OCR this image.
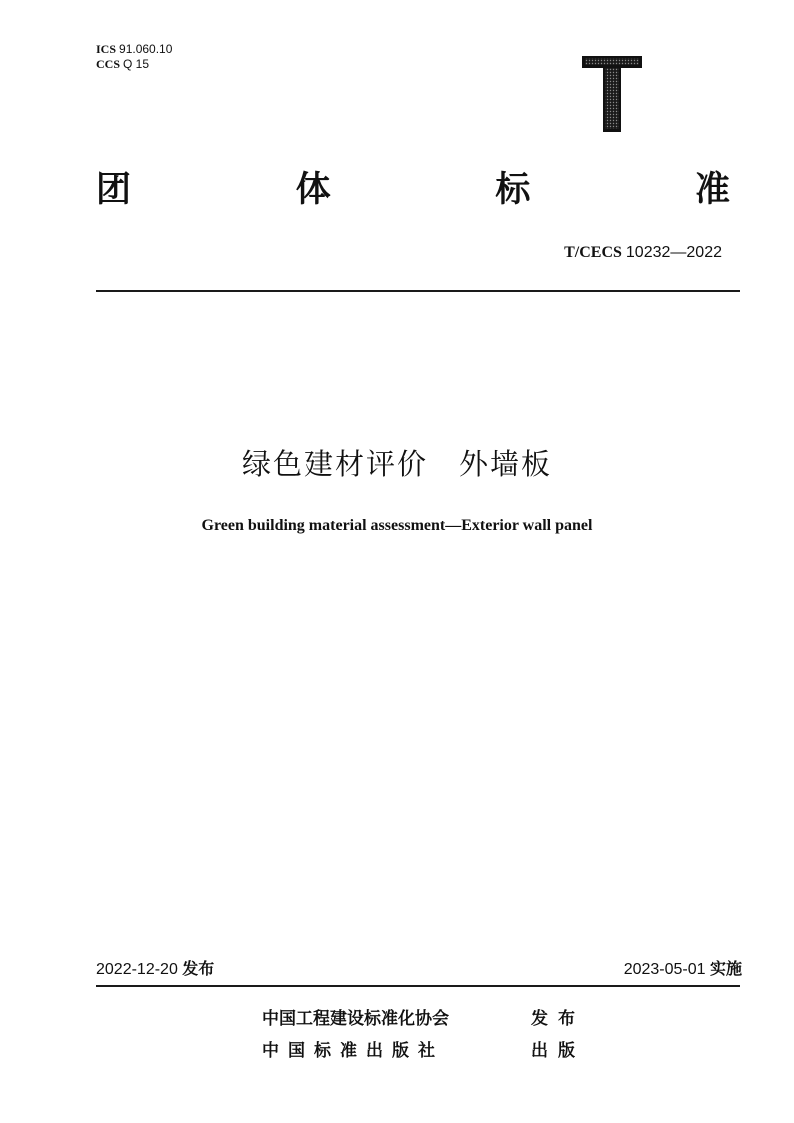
ICS 91.060.10
CCS Q 15
团	体	标	准
T/CECS 10232—2022
绿色建材评价　外墙板
Green building material assessment—Exterior wall panel
2022-12-20 发布	2023-05-01 实施
中国工程建设标准化协会	发布
中国标准出版社	出版
